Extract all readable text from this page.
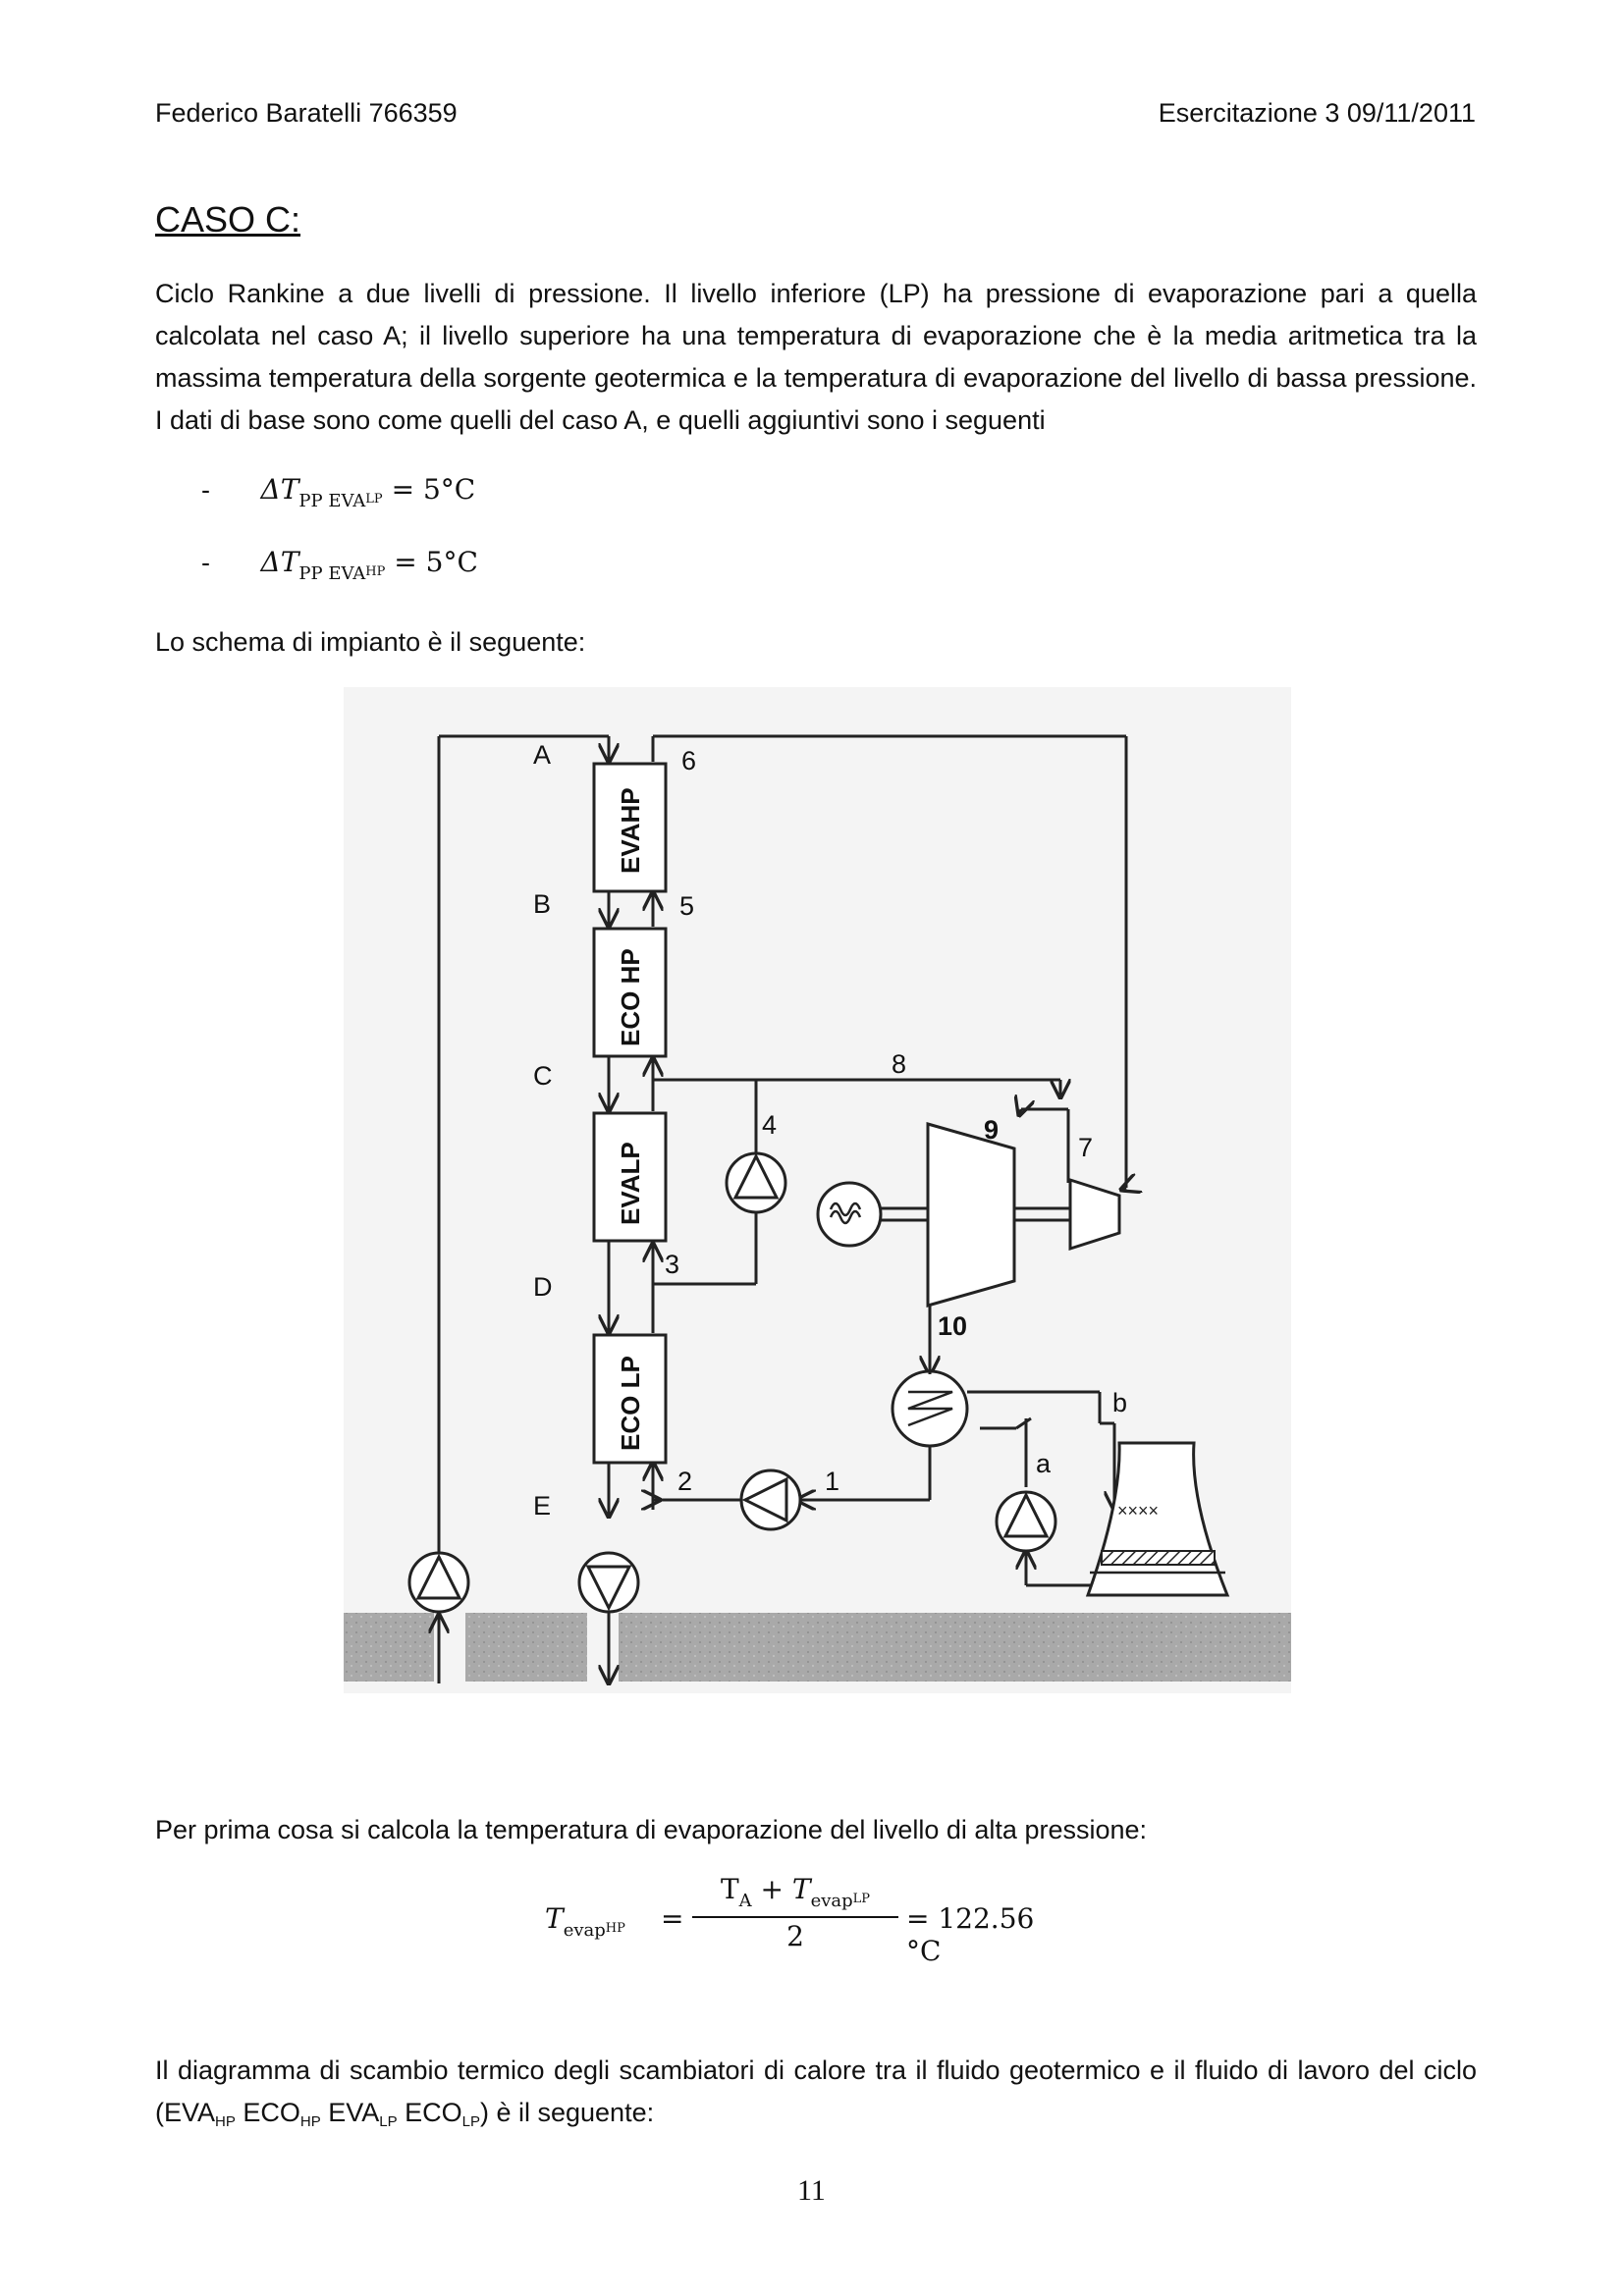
Federico Baratelli 766359	Esercitazione 3 09/11/2011
CASO C:
Ciclo Rankine a due livelli di pressione. Il livello inferiore (LP) ha pressione di evaporazione pari a quella calcolata nel caso A; il livello superiore ha una temperatura di evaporazione che è la media aritmetica tra la massima temperatura della sorgente geotermica e la temperatura di evaporazione del livello di bassa pressione. I dati di base sono come quelli del caso A, e quelli aggiuntivi sono i seguenti
- $\Delta T_{PP EVALP} = 5^\circ C$
- $\Delta T_{PP EVAHP} = 5^\circ C$
Lo schema di impianto è il seguente:
EVAHP
ECO HP
EVALP
ECO LP
××××
A
B
C
D
E
6
5
8
4	9
7
3
10
b
a
2	1
Per prima cosa si calcola la temperatura di evaporazione del livello di alta pressione:
$T_{evapHP}$ =
$T_A + T_{evapLP}$
2
= 122.56 °C
Il diagramma di scambio termico degli scambiatori di calore tra il fluido geotermico e il fluido di lavoro del ciclo (EVAHP ECOHP EVALP ECOLP) è il seguente:
11
